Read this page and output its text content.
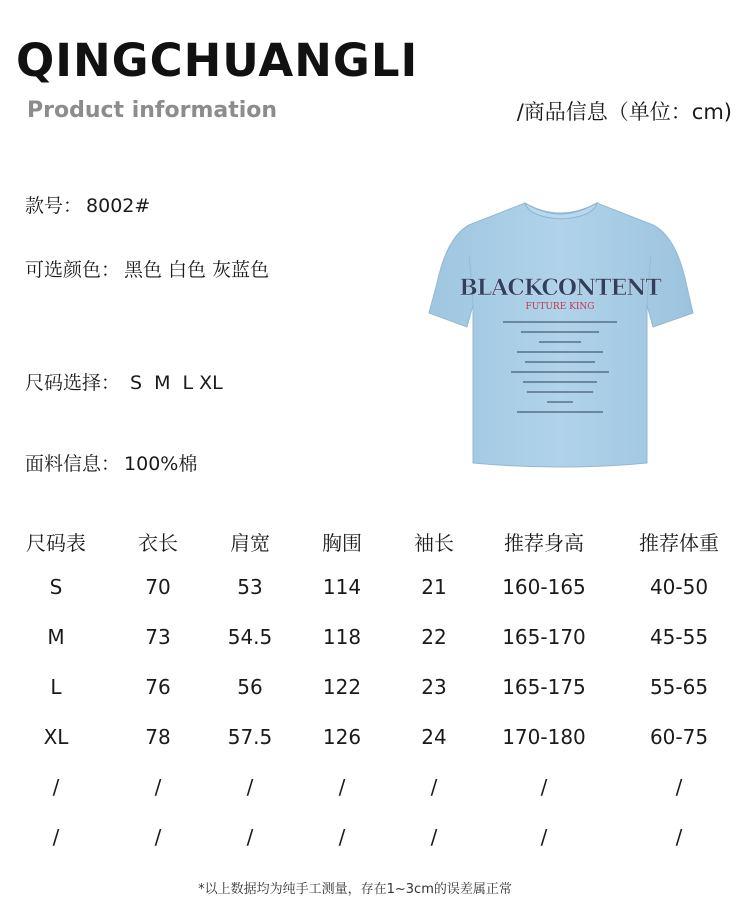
QINGCHUANGLI
Product information	/商品信息（单位：cm)
款号： 8002#
可选颜色： 黑色 白色 灰蓝色
尺码选择： S M L XL
面料信息： 100%棉
BLACKCONTENT
FUTURE KING
尺码表	衣长	肩宽	胸围	袖长	推荐身高	推荐体重
S	70	53	114	21	160-165	40-50
M	73	54.5	118	22	165-170	45-55
L	76	56	122	23	165-175	55-65
XL	78	57.5	126	24	170-180	60-75
/	/	/	/	/	/	/
/	/	/	/	/	/	/
*以上数据均为纯手工测量，存在1~3cm的误差属正常
